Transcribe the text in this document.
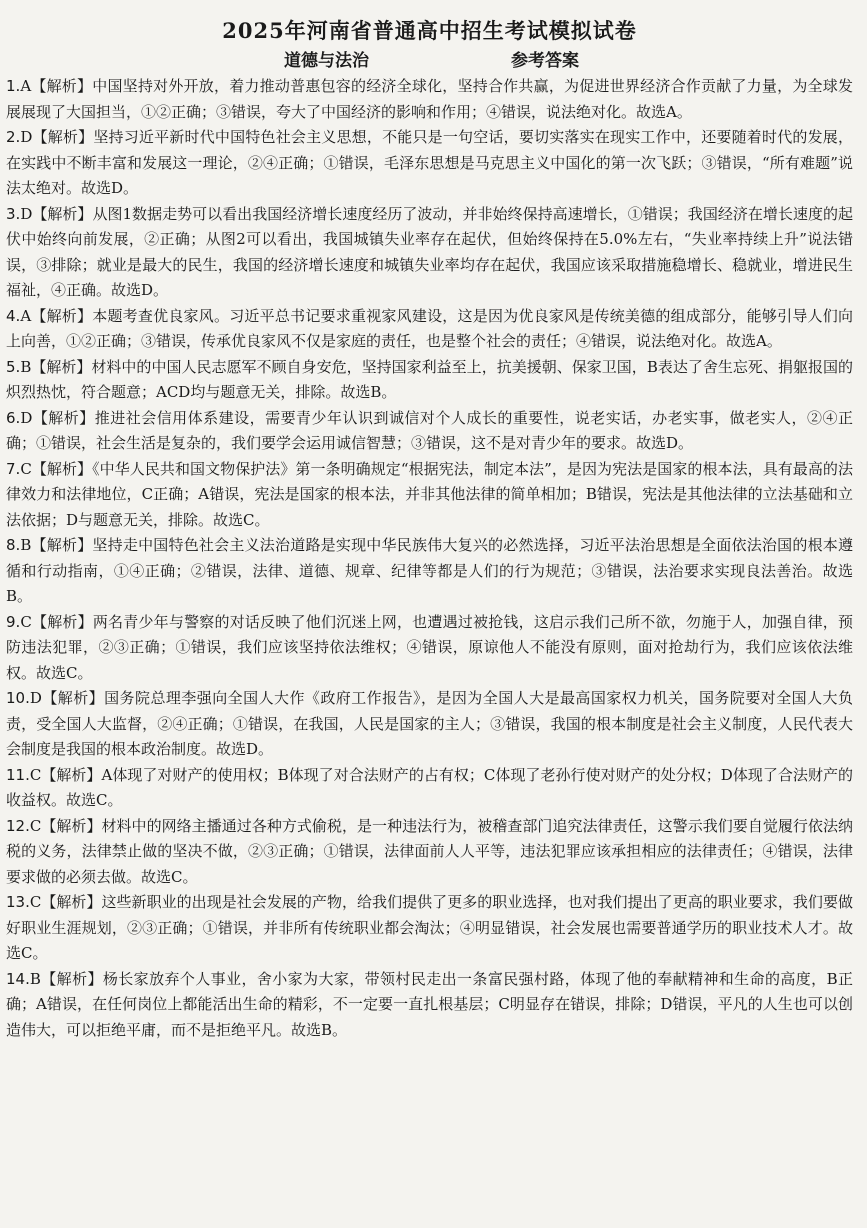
2025年河南省普通高中招生考试模拟试卷
道德与法治	参考答案

1.A【解析】中国坚持对外开放，着力推动普惠包容的经济全球化，坚持合作共赢，为促进世界经济合作贡献了力量，为全球发展展现了大国担当，①②正确；③错误，夸大了中国经济的影响和作用；④错误，说法绝对化。故选A。

2.D【解析】坚持习近平新时代中国特色社会主义思想，不能只是一句空话，要切实落实在现实工作中，还要随着时代的发展，在实践中不断丰富和发展这一理论，②④正确；①错误，毛泽东思想是马克思主义中国化的第一次飞跃；③错误，“所有难题”说法太绝对。故选D。

3.D【解析】从图1数据走势可以看出我国经济增长速度经历了波动，并非始终保持高速增长，①错误；我国经济在增长速度的起伏中始终向前发展，②正确；从图2可以看出，我国城镇失业率存在起伏，但始终保持在5.0%左右，“失业率持续上升”说法错误，③排除；就业是最大的民生，我国的经济增长速度和城镇失业率均存在起伏，我国应该采取措施稳增长、稳就业，增进民生福祉，④正确。故选D。

4.A【解析】本题考查优良家风。习近平总书记要求重视家风建设，这是因为优良家风是传统美德的组成部分，能够引导人们向上向善，①②正确；③错误，传承优良家风不仅是家庭的责任，也是整个社会的责任；④错误，说法绝对化。故选A。

5.B【解析】材料中的中国人民志愿军不顾自身安危，坚持国家利益至上，抗美援朝、保家卫国，B表达了舍生忘死、捐躯报国的炽烈热忱，符合题意；ACD均与题意无关，排除。故选B。

6.D【解析】推进社会信用体系建设，需要青少年认识到诚信对个人成长的重要性，说老实话，办老实事，做老实人，②④正确；①错误，社会生活是复杂的，我们要学会运用诚信智慧；③错误，这不是对青少年的要求。故选D。

7.C【解析】《中华人民共和国文物保护法》第一条明确规定“根据宪法，制定本法”，是因为宪法是国家的根本法，具有最高的法律效力和法律地位，C正确；A错误，宪法是国家的根本法，并非其他法律的简单相加；B错误，宪法是其他法律的立法基础和立法依据；D与题意无关，排除。故选C。

8.B【解析】坚持走中国特色社会主义法治道路是实现中华民族伟大复兴的必然选择，习近平法治思想是全面依法治国的根本遵循和行动指南，①④正确；②错误，法律、道德、规章、纪律等都是人们的行为规范；③错误，法治要求实现良法善治。故选B。

9.C【解析】两名青少年与警察的对话反映了他们沉迷上网，也遭遇过被抢钱，这启示我们己所不欲，勿施于人，加强自律，预防违法犯罪，②③正确；①错误，我们应该坚持依法维权；④错误，原谅他人不能没有原则，面对抢劫行为，我们应该依法维权。故选C。

10.D【解析】国务院总理李强向全国人大作《政府工作报告》，是因为全国人大是最高国家权力机关，国务院要对全国人大负责，受全国人大监督，②④正确；①错误，在我国，人民是国家的主人；③错误，我国的根本制度是社会主义制度，人民代表大会制度是我国的根本政治制度。故选D。

11.C【解析】A体现了对财产的使用权；B体现了对合法财产的占有权；C体现了老孙行使对财产的处分权；D体现了合法财产的收益权。故选C。

12.C【解析】材料中的网络主播通过各种方式偷税，是一种违法行为，被稽查部门追究法律责任，这警示我们要自觉履行依法纳税的义务，法律禁止做的坚决不做，②③正确；①错误，法律面前人人平等，违法犯罪应该承担相应的法律责任；④错误，法律要求做的必须去做。故选C。

13.C【解析】这些新职业的出现是社会发展的产物，给我们提供了更多的职业选择，也对我们提出了更高的职业要求，我们要做好职业生涯规划，②③正确；①错误，并非所有传统职业都会淘汰；④明显错误，社会发展也需要普通学历的职业技术人才。故选C。

14.B【解析】杨长家放弃个人事业，舍小家为大家，带领村民走出一条富民强村路，体现了他的奉献精神和生命的高度，B正确；A错误，在任何岗位上都能活出生命的精彩，不一定要一直扎根基层；C明显存在错误，排除；D错误，平凡的人生也可以创造伟大，可以拒绝平庸，而不是拒绝平凡。故选B。
